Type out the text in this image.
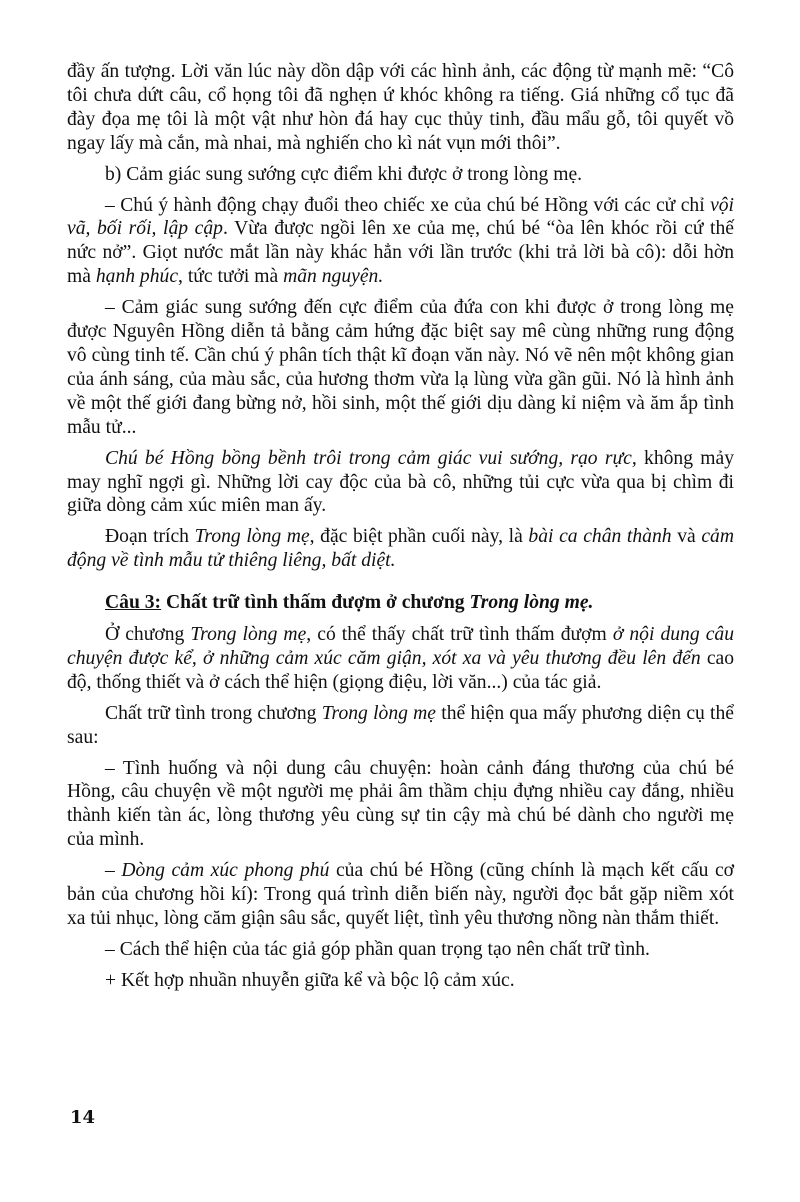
đầy ấn tượng. Lời văn lúc này dồn dập với các hình ảnh, các động từ mạnh mẽ: “Cô tôi chưa dứt câu, cổ họng tôi đã nghẹn ứ khóc không ra tiếng. Giá những cổ tục đã đày đọa mẹ tôi là một vật như hòn đá hay cục thủy tinh, đầu mẩu gỗ, tôi quyết vồ ngay lấy mà cắn, mà nhai, mà nghiến cho kì nát vụn mới thôi”.

b) Cảm giác sung sướng cực điểm khi được ở trong lòng mẹ.

– Chú ý hành động chạy đuổi theo chiếc xe của chú bé Hồng với các cử chỉ vội vã, bối rối, lập cập. Vừa được ngồi lên xe của mẹ, chú bé “òa lên khóc rồi cứ thế nức nở”. Giọt nước mắt lần này khác hẳn với lần trước (khi trả lời bà cô): dỗi hờn mà hạnh phúc, tức tưởi mà mãn nguyện.

– Cảm giác sung sướng đến cực điểm của đứa con khi được ở trong lòng mẹ được Nguyên Hồng diễn tả bằng cảm hứng đặc biệt say mê cùng những rung động vô cùng tinh tế. Cần chú ý phân tích thật kĩ đoạn văn này. Nó vẽ nên một không gian của ánh sáng, của màu sắc, của hương thơm vừa lạ lùng vừa gần gũi. Nó là hình ảnh về một thế giới đang bừng nở, hồi sinh, một thế giới dịu dàng kỉ niệm và ăm ắp tình mẫu tử...

Chú bé Hồng bồng bềnh trôi trong cảm giác vui sướng, rạo rực, không mảy may nghĩ ngợi gì. Những lời cay độc của bà cô, những tủi cực vừa qua bị chìm đi giữa dòng cảm xúc miên man ấy.

Đoạn trích Trong lòng mẹ, đặc biệt phần cuối này, là bài ca chân thành và cảm động về tình mẫu tử thiêng liêng, bất diệt.

Câu 3: Chất trữ tình thấm đượm ở chương Trong lòng mẹ.

Ở chương Trong lòng mẹ, có thể thấy chất trữ tình thấm đượm ở nội dung câu chuyện được kể, ở những cảm xúc căm giận, xót xa và yêu thương đều lên đến cao độ, thống thiết và ở cách thể hiện (giọng điệu, lời văn...) của tác giả.

Chất trữ tình trong chương Trong lòng mẹ thể hiện qua mấy phương diện cụ thể sau:

– Tình huống và nội dung câu chuyện: hoàn cảnh đáng thương của chú bé Hồng, câu chuyện về một người mẹ phải âm thầm chịu đựng nhiều cay đắng, nhiều thành kiến tàn ác, lòng thương yêu cùng sự tin cậy mà chú bé dành cho người mẹ của mình.

– Dòng cảm xúc phong phú của chú bé Hồng (cũng chính là mạch kết cấu cơ bản của chương hồi kí): Trong quá trình diễn biến này, người đọc bắt gặp niềm xót xa tủi nhục, lòng căm giận sâu sắc, quyết liệt, tình yêu thương nồng nàn thắm thiết.

– Cách thể hiện của tác giả góp phần quan trọng tạo nên chất trữ tình.

+ Kết hợp nhuần nhuyễn giữa kể và bộc lộ cảm xúc.

14
